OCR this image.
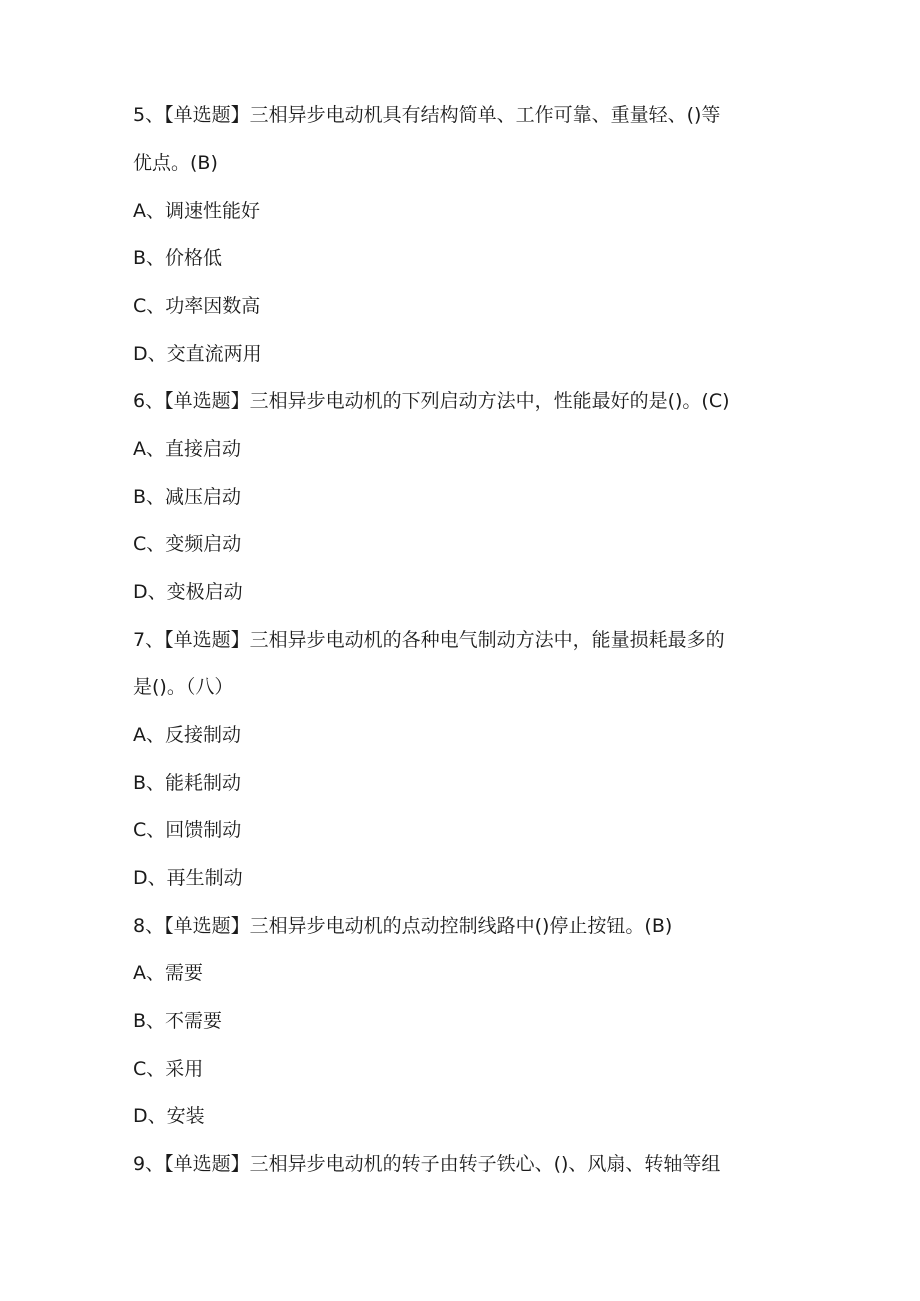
5、【单选题】三相异步电动机具有结构简单、工作可靠、重量轻、()等
优点。(B)
A、调速性能好
B、价格低
C、功率因数高
D、交直流两用
6、【单选题】三相异步电动机的下列启动方法中，性能最好的是()。(C)
A、直接启动
B、减压启动
C、变频启动
D、变极启动
7、【单选题】三相异步电动机的各种电气制动方法中，能量损耗最多的
是()。（八）
A、反接制动
B、能耗制动
C、回馈制动
D、再生制动
8、【单选题】三相异步电动机的点动控制线路中()停止按钮。(B)
A、需要
B、不需要
C、采用
D、安装
9、【单选题】三相异步电动机的转子由转子铁心、()、风扇、转轴等组
